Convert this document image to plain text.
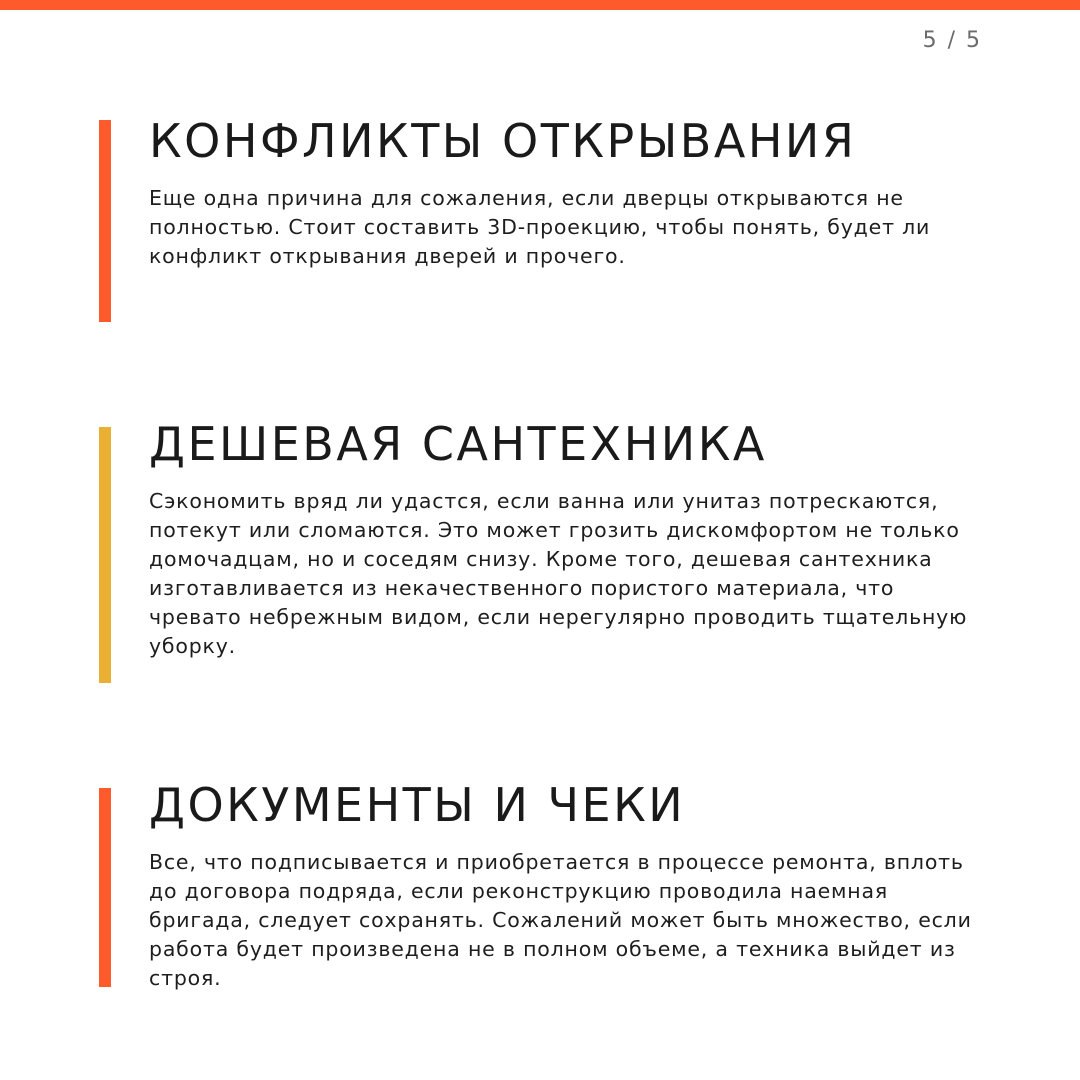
5 / 5
КОНФЛИКТЫ ОТКРЫВАНИЯ

Еще одна причина для сожаления, если дверцы открываются не полностью. Стоит составить 3D-проекцию, чтобы понять, будет ли конфликт открывания дверей и прочего.

ДЕШЕВАЯ САНТЕХНИКА

Сэкономить вряд ли удастся, если ванна или унитаз потрескаются, потекут или сломаются. Это может грозить дискомфортом не только домочадцам, но и соседям снизу. Кроме того, дешевая сантехника изготавливается из некачественного пористого материала, что чревато небрежным видом, если нерегулярно проводить тщательную уборку.

ДОКУМЕНТЫ И ЧЕКИ

Все, что подписывается и приобретается в процессе ремонта, вплоть до договора подряда, если реконструкцию проводила наемная бригада, следует сохранять. Сожалений может быть множество, если работа будет произведена не в полном объеме, а техника выйдет из строя.
